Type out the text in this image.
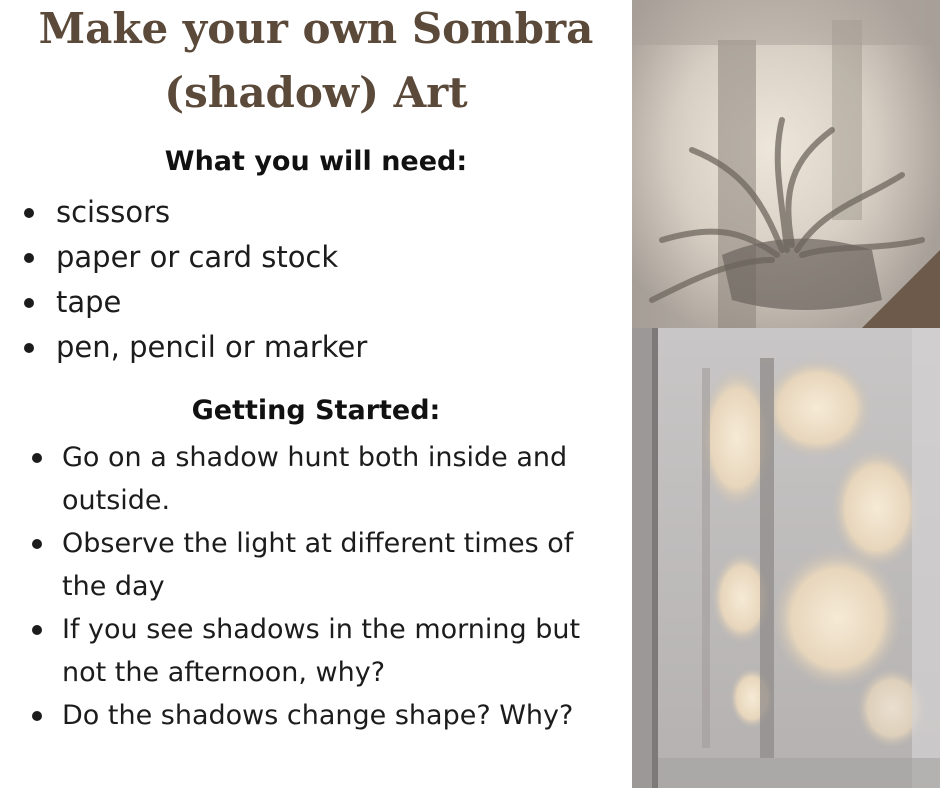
Make your own Sombra
(shadow) Art
What you will need:
scissors
paper or card stock
tape
pen, pencil or marker
Getting Started:
Go on a shadow hunt both inside and outside.
Observe the light at different times of the day
If you see shadows in the morning but not the afternoon, why?
Do the shadows change shape? Why?
